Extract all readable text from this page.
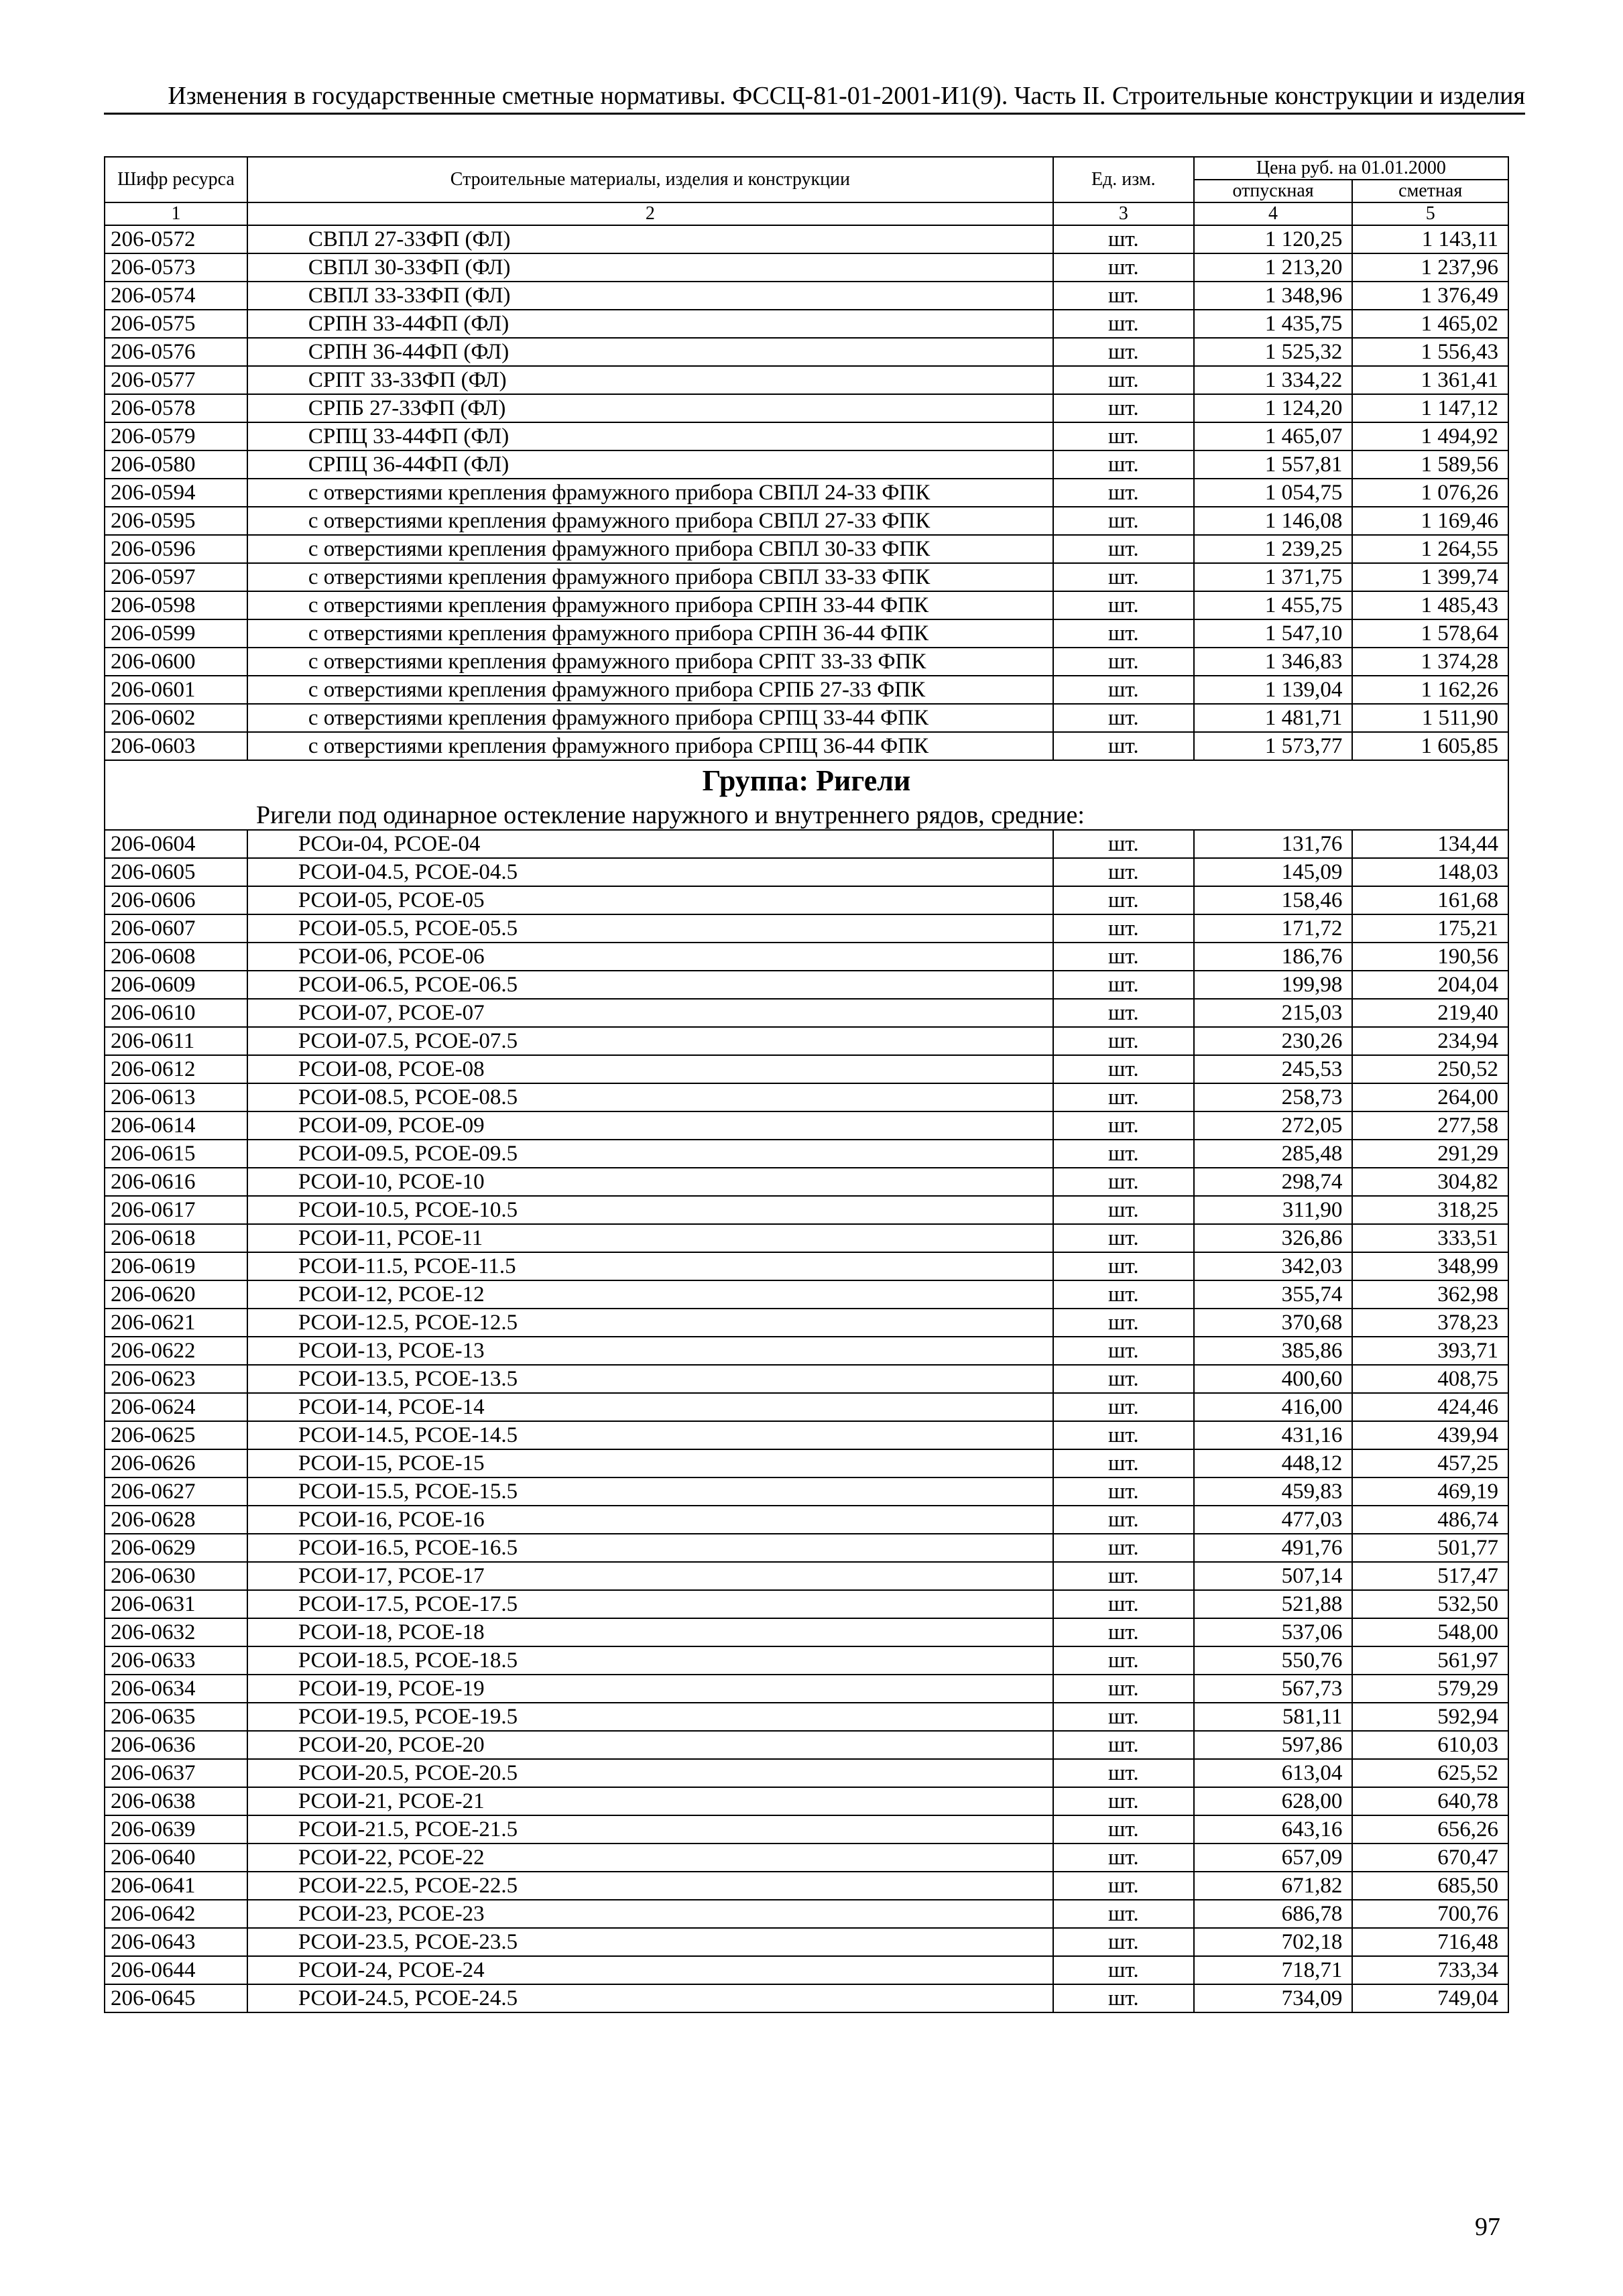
Изменения в государственные сметные нормативы. ФССЦ-81-01-2001-И1(9). Часть II. Строительные конструкции и изделия
Шифр ресурса	Строительные материалы, изделия и конструкции	Ед. изм.	Цена руб. на 01.01.2000	
			отпускная	сметная
1	2	3	4	5
206-0572	СВПЛ 27-33ФП (ФЛ)	шт.	1 120,25	1 143,11
206-0573	СВПЛ 30-33ФП (ФЛ)	шт.	1 213,20	1 237,96
206-0574	СВПЛ 33-33ФП (ФЛ)	шт.	1 348,96	1 376,49
206-0575	СРПН 33-44ФП (ФЛ)	шт.	1 435,75	1 465,02
206-0576	СРПН 36-44ФП (ФЛ)	шт.	1 525,32	1 556,43
206-0577	СРПТ 33-33ФП (ФЛ)	шт.	1 334,22	1 361,41
206-0578	СРПБ 27-33ФП (ФЛ)	шт.	1 124,20	1 147,12
206-0579	СРПЦ 33-44ФП (ФЛ)	шт.	1 465,07	1 494,92
206-0580	СРПЦ 36-44ФП (ФЛ)	шт.	1 557,81	1 589,56
206-0594	с отверстиями крепления фрамужного прибора СВПЛ 24-33 ФПК	шт.	1 054,75	1 076,26
206-0595	с отверстиями крепления фрамужного прибора СВПЛ 27-33 ФПК	шт.	1 146,08	1 169,46
206-0596	с отверстиями крепления фрамужного прибора СВПЛ 30-33 ФПК	шт.	1 239,25	1 264,55
206-0597	с отверстиями крепления фрамужного прибора СВПЛ 33-33 ФПК	шт.	1 371,75	1 399,74
206-0598	с отверстиями крепления фрамужного прибора СРПН 33-44 ФПК	шт.	1 455,75	1 485,43
206-0599	с отверстиями крепления фрамужного прибора СРПН 36-44 ФПК	шт.	1 547,10	1 578,64
206-0600	с отверстиями крепления фрамужного прибора СРПТ 33-33 ФПК	шт.	1 346,83	1 374,28
206-0601	с отверстиями крепления фрамужного прибора СРПБ 27-33 ФПК	шт.	1 139,04	1 162,26
206-0602	с отверстиями крепления фрамужного прибора СРПЦ 33-44 ФПК	шт.	1 481,71	1 511,90
206-0603	с отверстиями крепления фрамужного прибора СРПЦ 36-44 ФПК	шт.	1 573,77	1 605,85
Группа: Ригели				
Ригели под одинарное остекление наружного и внутреннего рядов, средние:				
206-0604	РСОи-04, РСОЕ-04	шт.	131,76	134,44
206-0605	РСОИ-04.5, РСОЕ-04.5	шт.	145,09	148,03
206-0606	РСОИ-05, РСОЕ-05	шт.	158,46	161,68
206-0607	РСОИ-05.5, РСОЕ-05.5	шт.	171,72	175,21
206-0608	РСОИ-06, РСОЕ-06	шт.	186,76	190,56
206-0609	РСОИ-06.5, РСОЕ-06.5	шт.	199,98	204,04
206-0610	РСОИ-07, РСОЕ-07	шт.	215,03	219,40
206-0611	РСОИ-07.5, РСОЕ-07.5	шт.	230,26	234,94
206-0612	РСОИ-08, РСОЕ-08	шт.	245,53	250,52
206-0613	РСОИ-08.5, РСОЕ-08.5	шт.	258,73	264,00
206-0614	РСОИ-09, РСОЕ-09	шт.	272,05	277,58
206-0615	РСОИ-09.5, РСОЕ-09.5	шт.	285,48	291,29
206-0616	РСОИ-10, РСОЕ-10	шт.	298,74	304,82
206-0617	РСОИ-10.5, РСОЕ-10.5	шт.	311,90	318,25
206-0618	РСОИ-11, РСОЕ-11	шт.	326,86	333,51
206-0619	РСОИ-11.5, РСОЕ-11.5	шт.	342,03	348,99
206-0620	РСОИ-12, РСОЕ-12	шт.	355,74	362,98
206-0621	РСОИ-12.5, РСОЕ-12.5	шт.	370,68	378,23
206-0622	РСОИ-13, РСОЕ-13	шт.	385,86	393,71
206-0623	РСОИ-13.5, РСОЕ-13.5	шт.	400,60	408,75
206-0624	РСОИ-14, РСОЕ-14	шт.	416,00	424,46
206-0625	РСОИ-14.5, РСОЕ-14.5	шт.	431,16	439,94
206-0626	РСОИ-15, РСОЕ-15	шт.	448,12	457,25
206-0627	РСОИ-15.5, РСОЕ-15.5	шт.	459,83	469,19
206-0628	РСОИ-16, РСОЕ-16	шт.	477,03	486,74
206-0629	РСОИ-16.5, РСОЕ-16.5	шт.	491,76	501,77
206-0630	РСОИ-17, РСОЕ-17	шт.	507,14	517,47
206-0631	РСОИ-17.5, РСОЕ-17.5	шт.	521,88	532,50
206-0632	РСОИ-18, РСОЕ-18	шт.	537,06	548,00
206-0633	РСОИ-18.5, РСОЕ-18.5	шт.	550,76	561,97
206-0634	РСОИ-19, РСОЕ-19	шт.	567,73	579,29
206-0635	РСОИ-19.5, РСОЕ-19.5	шт.	581,11	592,94
206-0636	РСОИ-20, РСОЕ-20	шт.	597,86	610,03
206-0637	РСОИ-20.5, РСОЕ-20.5	шт.	613,04	625,52
206-0638	РСОИ-21, РСОЕ-21	шт.	628,00	640,78
206-0639	РСОИ-21.5, РСОЕ-21.5	шт.	643,16	656,26
206-0640	РСОИ-22, РСОЕ-22	шт.	657,09	670,47
206-0641	РСОИ-22.5, РСОЕ-22.5	шт.	671,82	685,50
206-0642	РСОИ-23, РСОЕ-23	шт.	686,78	700,76
206-0643	РСОИ-23.5, РСОЕ-23.5	шт.	702,18	716,48
206-0644	РСОИ-24, РСОЕ-24	шт.	718,71	733,34
206-0645	РСОИ-24.5, РСОЕ-24.5	шт.	734,09	749,04
97
